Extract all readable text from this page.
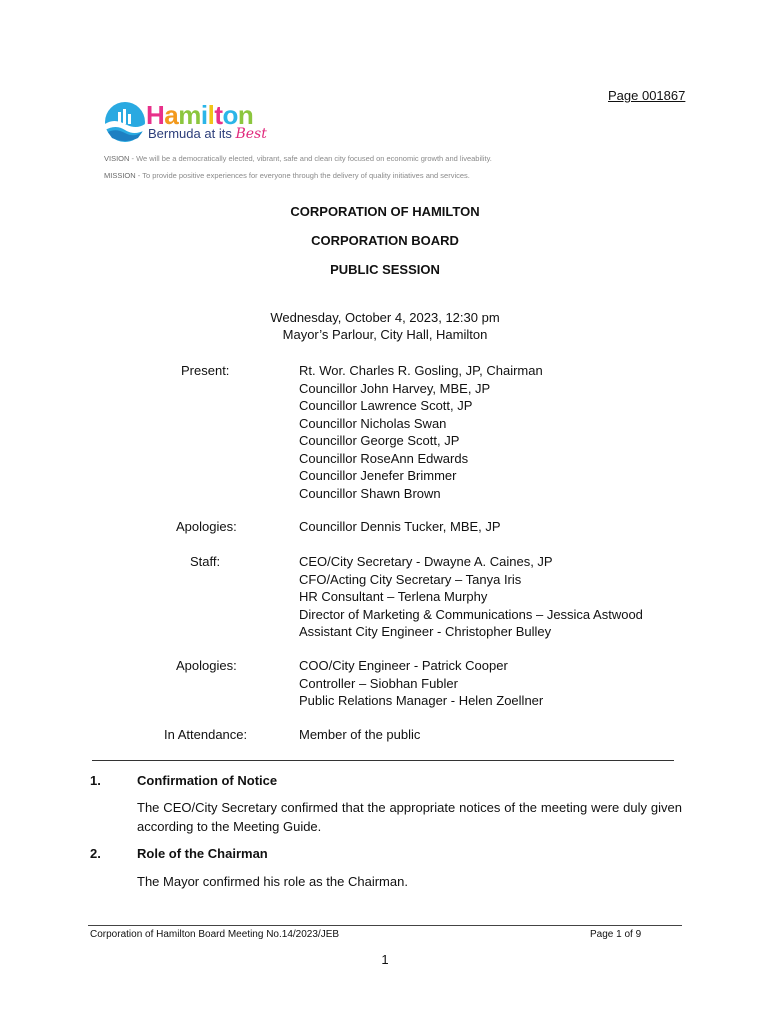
Page 001867
Hamilton
Bermuda at its Best
VISION - We will be a democratically elected, vibrant, safe and clean city focused on economic growth and liveability.
MISSION - To provide positive experiences for everyone through the delivery of quality initiatives and services.
CORPORATION OF HAMILTON
CORPORATION BOARD
PUBLIC SESSION
Wednesday, October 4, 2023, 12:30 pm
Mayor’s Parlour, City Hall, Hamilton
Present:	Rt. Wor. Charles R. Gosling, JP, Chairman
Councillor John Harvey, MBE, JP
Councillor Lawrence Scott, JP
Councillor Nicholas Swan
Councillor George Scott, JP
Councillor RoseAnn Edwards
Councillor Jenefer Brimmer
Councillor Shawn Brown
Apologies:	Councillor Dennis Tucker, MBE, JP
Staff:	CEO/City Secretary - Dwayne A. Caines, JP
CFO/Acting City Secretary – Tanya Iris
HR Consultant – Terlena Murphy
Director of Marketing & Communications – Jessica Astwood
Assistant City Engineer - Christopher Bulley
Apologies:	COO/City Engineer - Patrick Cooper
Controller – Siobhan Fubler
Public Relations Manager - Helen Zoellner
In Attendance:	Member of the public
1.	Confirmation of Notice
The CEO/City Secretary confirmed that the appropriate notices of the meeting were duly given according to the Meeting Guide.
2.	Role of the Chairman
The Mayor confirmed his role as the Chairman.
Corporation of Hamilton Board Meeting No.14/2023/JEB	Page 1 of 9
1
